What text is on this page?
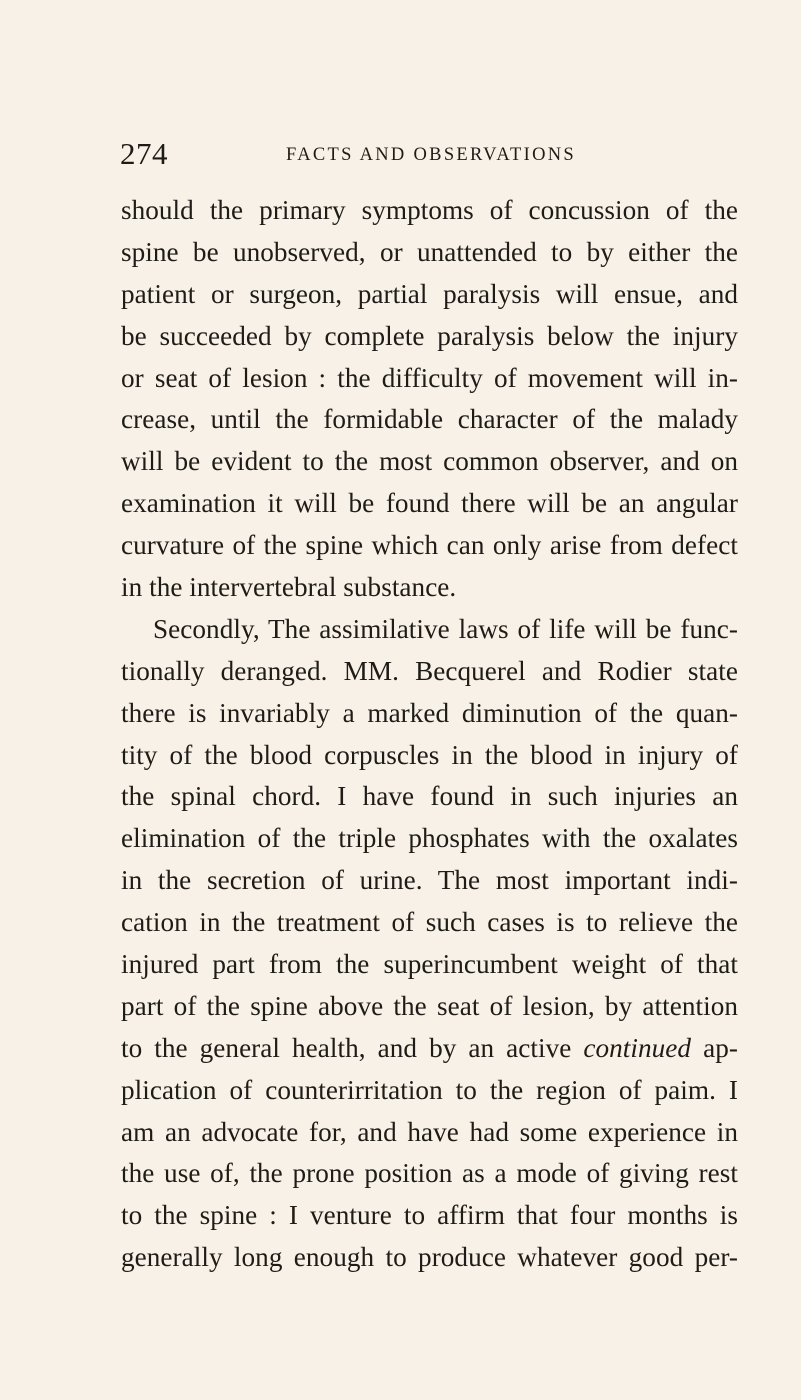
274	FACTS AND OBSERVATIONS
should the primary symptoms of concussion of the
spine be unobserved, or unattended to by either the
patient or surgeon, partial paralysis will ensue, and
be succeeded by complete paralysis below the injury
or seat of lesion : the difficulty of movement will in-
crease, until the formidable character of the malady
will be evident to the most common observer, and on
examination it will be found there will be an angular
curvature of the spine which can only arise from defect
in the intervertebral substance.
Secondly, The assimilative laws of life will be func-
tionally deranged. MM. Becquerel and Rodier state
there is invariably a marked diminution of the quan-
tity of the blood corpuscles in the blood in injury of
the spinal chord. I have found in such injuries an
elimination of the triple phosphates with the oxalates
in the secretion of urine. The most important indi-
cation in the treatment of such cases is to relieve the
injured part from the superincumbent weight of that
part of the spine above the seat of lesion, by attention
to the general health, and by an active continued ap-
plication of counterirritation to the region of paim. I
am an advocate for, and have had some experience in
the use of, the prone position as a mode of giving rest
to the spine : I venture to affirm that four months is
generally long enough to produce whatever good per-
